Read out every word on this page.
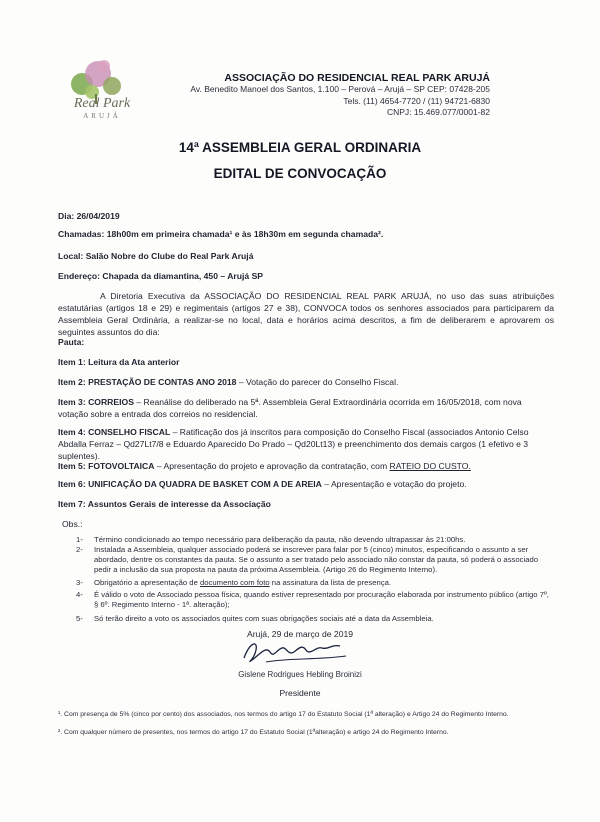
Real Park
ARUJÁ
ASSOCIAÇÃO DO RESIDENCIAL REAL PARK ARUJÁ
Av. Benedito Manoel dos Santos, 1.100 – Perová – Arujá – SP CEP: 07428-205
Tels. (11) 4654-7720 / (11) 94721-6830
CNPJ: 15.469.077/0001-82
14ª ASSEMBLEIA GERAL ORDINARIA
EDITAL DE CONVOCAÇÃO
Dia: 26/04/2019
Chamadas: 18h00m em primeira chamada¹ e às 18h30m em segunda chamada².
Local: Salão Nobre do Clube do Real Park Arujá
Endereço: Chapada da diamantina, 450 – Arujá SP
A Diretoria Executiva da ASSOCIAÇÃO DO RESIDENCIAL REAL PARK ARUJÁ, no uso das suas atribuições estatutárias (artigos 18 e 29) e regimentais (artigos 27 e 38), CONVOCA todos os senhores associados para participarem da Assembleia Geral Ordinária, a realizar-se no local, data e horários acima descritos, a fim de deliberarem e aprovarem os seguintes assuntos do dia:
Pauta:
Item 1: Leitura da Ata anterior
Item 2: PRESTAÇÃO DE CONTAS ANO 2018 – Votação do parecer do Conselho Fiscal.
Item 3: CORREIOS – Reanálise do deliberado na 5ª. Assembleia Geral Extraordinária ocorrida em 16/05/2018, com nova votação sobre a entrada dos correios no residencial.
Item 4: CONSELHO FISCAL – Ratificação dos já inscritos para composição do Conselho Fiscal (associados Antonio Celso Abdalla Ferraz – Qd27Lt7/8 e Eduardo Aparecido Do Prado – Qd20Lt13) e preenchimento dos demais cargos (1 efetivo e 3 suplentes).
Item 5: FOTOVOLTAICA – Apresentação do projeto e aprovação da contratação, com RATEIO DO CUSTO.
Item 6: UNIFICAÇÃO DA QUADRA DE BASKET COM A DE AREIA – Apresentação e votação do projeto.
Item 7: Assuntos Gerais de interesse da Associação
Obs.:
1- Término condicionado ao tempo necessário para deliberação da pauta, não devendo ultrapassar às 21:00hs.
2- Instalada a Assembleia, qualquer associado poderá se inscrever para falar por 5 (cinco) minutos, especificando o assunto a ser abordado, dentre os constantes da pauta. Se o assunto a ser tratado pelo associado não constar da pauta, só poderá o associado pedir a inclusão da sua proposta na pauta da próxima Assembleia. (Artigo 26 do Regimento Interno).
3- Obrigatório a apresentação de documento com foto na assinatura da lista de presença.
4- É válido o voto de Associado pessoa física, quando estiver representado por procuração elaborada por instrumento público (artigo 7º, § 6º. Regimento Interno - 1ª. alteração);
5- Só terão direito a voto os associados quites com suas obrigações sociais até a data da Assembleia.
Arujá, 29 de março de 2019
Gislene Rodrigues Hebling Broinizi
Presidente
¹. Com presença de 5% (cinco por cento) dos associados, nos termos do artigo 17 do Estatuto Social (1ª alteração) e Artigo 24 do Regimento Interno.
². Com qualquer número de presentes, nos termos do artigo 17 do Estatuto Social (1ªalteração) e artigo 24 do Regimento Interno.
